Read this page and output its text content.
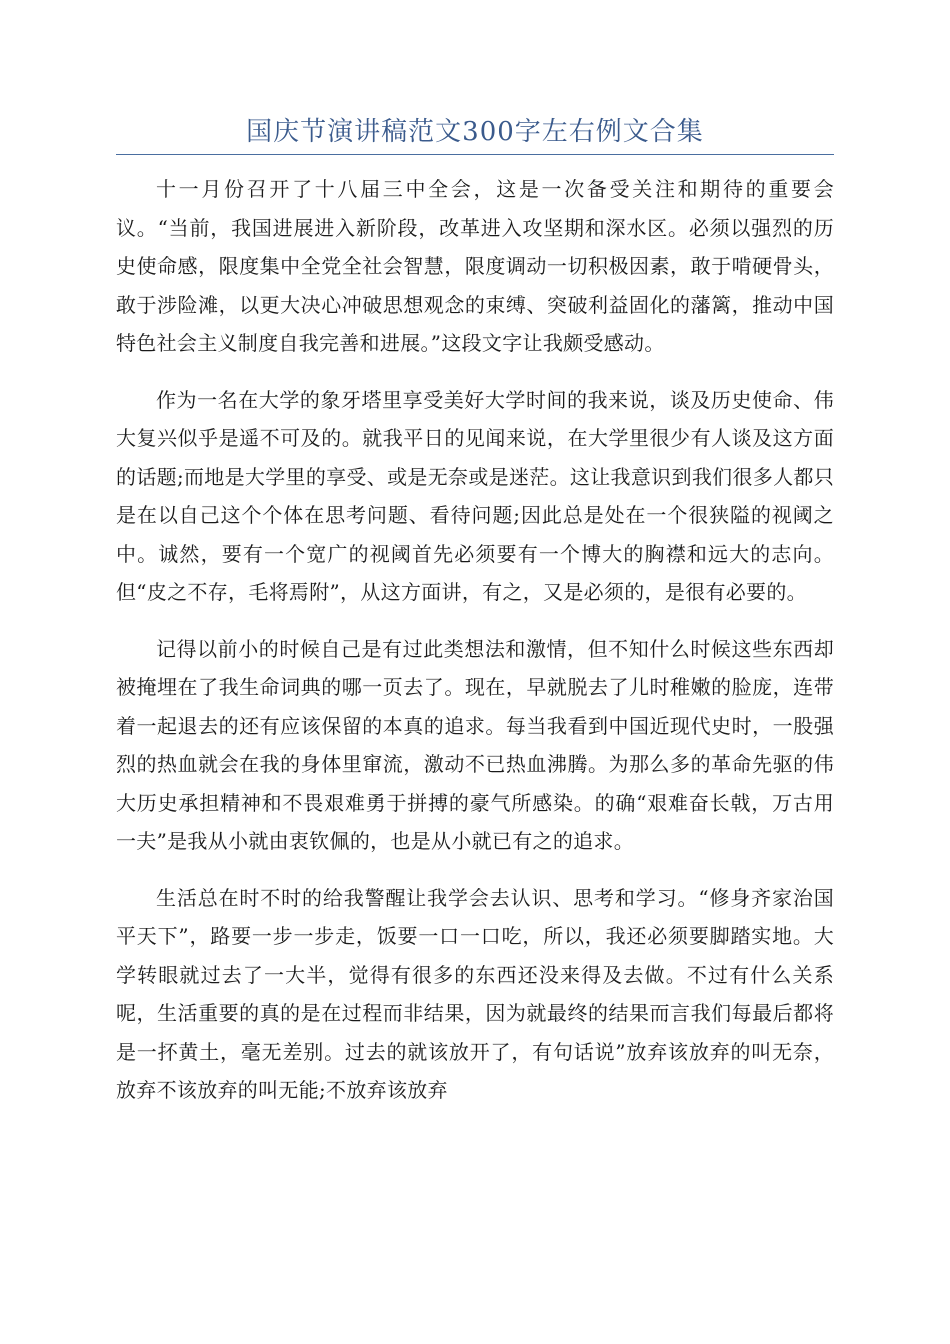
国庆节演讲稿范文300字左右例文合集

十一月份召开了十八届三中全会，这是一次备受关注和期待的重要会议。“当前，我国进展进入新阶段，改革进入攻坚期和深水区。必须以强烈的历史使命感，限度集中全党全社会智慧，限度调动一切积极因素，敢于啃硬骨头，敢于涉险滩，以更大决心冲破思想观念的束缚、突破利益固化的藩篱，推动中国特色社会主义制度自我完善和进展。”这段文字让我颇受感动。

作为一名在大学的象牙塔里享受美好大学时间的我来说，谈及历史使命、伟大复兴似乎是遥不可及的。就我平日的见闻来说，在大学里很少有人谈及这方面的话题;而地是大学里的享受、或是无奈或是迷茫。这让我意识到我们很多人都只是在以自己这个个体在思考问题、看待问题;因此总是处在一个很狭隘的视阈之中。诚然，要有一个宽广的视阈首先必须要有一个博大的胸襟和远大的志向。但“皮之不存，毛将焉附”，从这方面讲，有之，又是必须的，是很有必要的。

记得以前小的时候自己是有过此类想法和激情，但不知什么时候这些东西却被掩埋在了我生命词典的哪一页去了。现在，早就脱去了儿时稚嫩的脸庞，连带着一起退去的还有应该保留的本真的追求。每当我看到中国近现代史时，一股强烈的热血就会在我的身体里窜流，激动不已热血沸腾。为那么多的革命先驱的伟大历史承担精神和不畏艰难勇于拼搏的豪气所感染。的确“艰难奋长戟，万古用一夫”是我从小就由衷钦佩的，也是从小就已有之的追求。

生活总在时不时的给我警醒让我学会去认识、思考和学习。“修身齐家治国平天下”，路要一步一步走，饭要一口一口吃，所以，我还必须要脚踏实地。大学转眼就过去了一大半，觉得有很多的东西还没来得及去做。不过有什么关系呢，生活重要的真的是在过程而非结果，因为就最终的结果而言我们每最后都将是一抔黄土，毫无差别。过去的就该放开了，有句话说”放弃该放弃的叫无奈，放弃不该放弃的叫无能;不放弃该放弃
